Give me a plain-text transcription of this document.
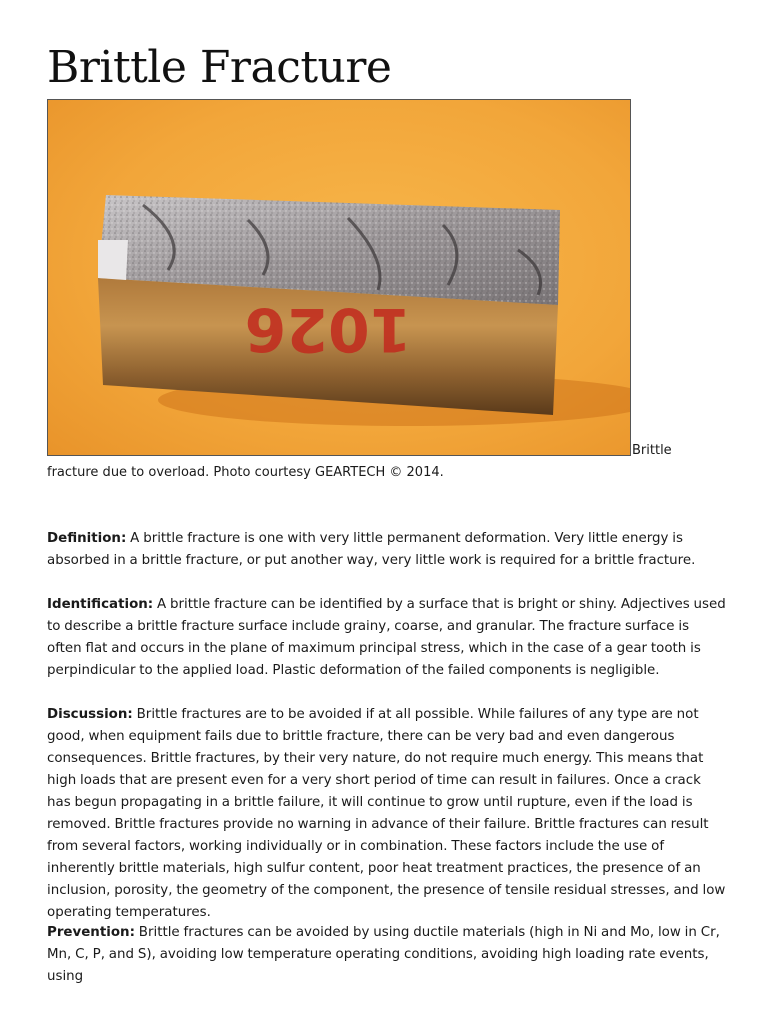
Brittle Fracture
1026
Brittle
fracture due to overload. Photo courtesy GEARTECH © 2014.

Definition: A brittle fracture is one with very little permanent deformation. Very little energy is absorbed in a brittle fracture, or put another way, very little work is required for a brittle fracture.

Identification: A brittle fracture can be identified by a surface that is bright or shiny. Adjectives used to describe a brittle fracture surface include grainy, coarse, and granular. The fracture surface is often flat and occurs in the plane of maximum principal stress, which in the case of a gear tooth is perpindicular to the applied load. Plastic deformation of the failed components is negligible.

Discussion: Brittle fractures are to be avoided if at all possible. While failures of any type are not good, when equipment fails due to brittle fracture, there can be very bad and even dangerous consequences. Brittle fractures, by their very nature, do not require much energy. This means that high loads that are present even for a very short period of time can result in failures. Once a crack has begun propagating in a brittle failure, it will continue to grow until rupture, even if the load is removed. Brittle fractures provide no warning in advance of their failure. Brittle fractures can result from several factors, working individually or in combination. These factors include the use of inherently brittle materials, high sulfur content, poor heat treatment practices, the presence of an inclusion, porosity, the geometry of the component, the presence of tensile residual stresses, and low operating temperatures.

Prevention: Brittle fractures can be avoided by using ductile materials (high in Ni and Mo, low in Cr, Mn, C, P, and S), avoiding low temperature operating conditions, avoiding high loading rate events, using
